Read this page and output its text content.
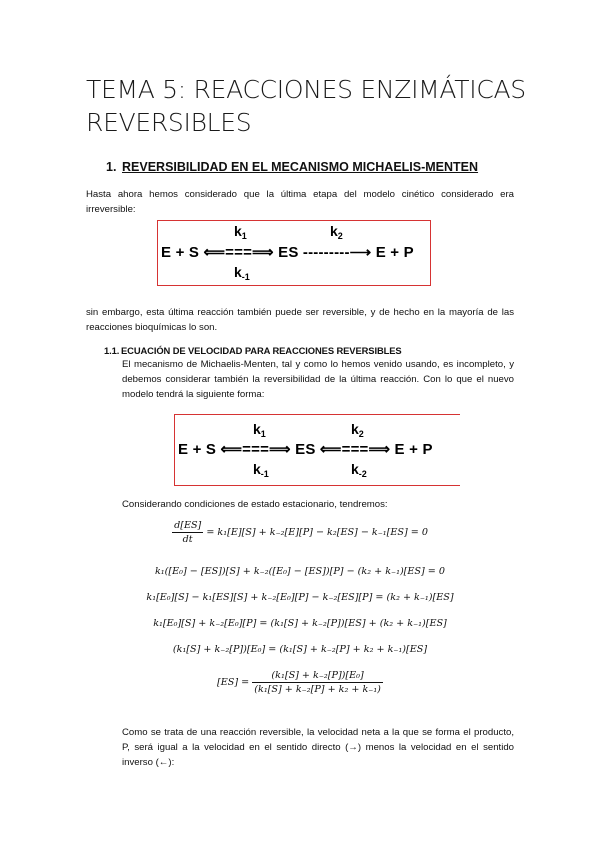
TEMA 5: REACCIONES ENZIMÁTICAS REVERSIBLES
1. REVERSIBILIDAD EN EL MECANISMO MICHAELIS-MENTEN
Hasta ahora hemos considerado que la última etapa del modelo cinético considerado era irreversible:
$k_1$	$k_2$
E + S ⟸===⟹ ES ---------⟶ E + P
$k_{-1}$
sin embargo, esta última reacción también puede ser reversible, y de hecho en la mayoría de las reacciones bioquímicas lo son.
1.1. ECUACIÓN DE VELOCIDAD PARA REACCIONES REVERSIBLES
El mecanismo de Michaelis-Menten, tal y como lo hemos venido usando, es incompleto, y debemos considerar también la reversibilidad de la última reacción. Con lo que el nuevo modelo tendrá la siguiente forma:
$k_1$	$k_2$
E + S ⟸===⟹ ES ⟸===⟹ E + P
$k_{-1}$	$k_{-2}$
Considerando condiciones de estado estacionario, tendremos:
$\frac{d[ES]}{dt} = k_1[E][S] + k_{-2}[E][P] - k_2[ES] - k_{-1}[ES] = 0$
k₁([E₀] − [ES])[S] + k₋₂([E₀] − [ES])[P] − (k₂ + k₋₁)[ES] = 0
k₁[E₀][S] − k₁[ES][S] + k₋₂[E₀][P] − k₋₂[ES][P] = (k₂ + k₋₁)[ES]
k₁[E₀][S] + k₋₂[E₀][P] = (k₁[S] + k₋₂[P])[ES] + (k₂ + k₋₁)[ES]
(k₁[S] + k₋₂[P])[E₀] = (k₁[S] + k₋₂[P] + k₂ + k₋₁)[ES]
$[ES] = \frac{\text{(k₁[S] + k₋₂[P])[E₀]}}{\text{(k₁[S] + k₋₂[P] + k₂ + k₋₁)}}$
Como se trata de una reacción reversible, la velocidad neta a la que se forma el producto, P, será igual a la velocidad en el sentido directo (→) menos la velocidad en el sentido inverso (←):
